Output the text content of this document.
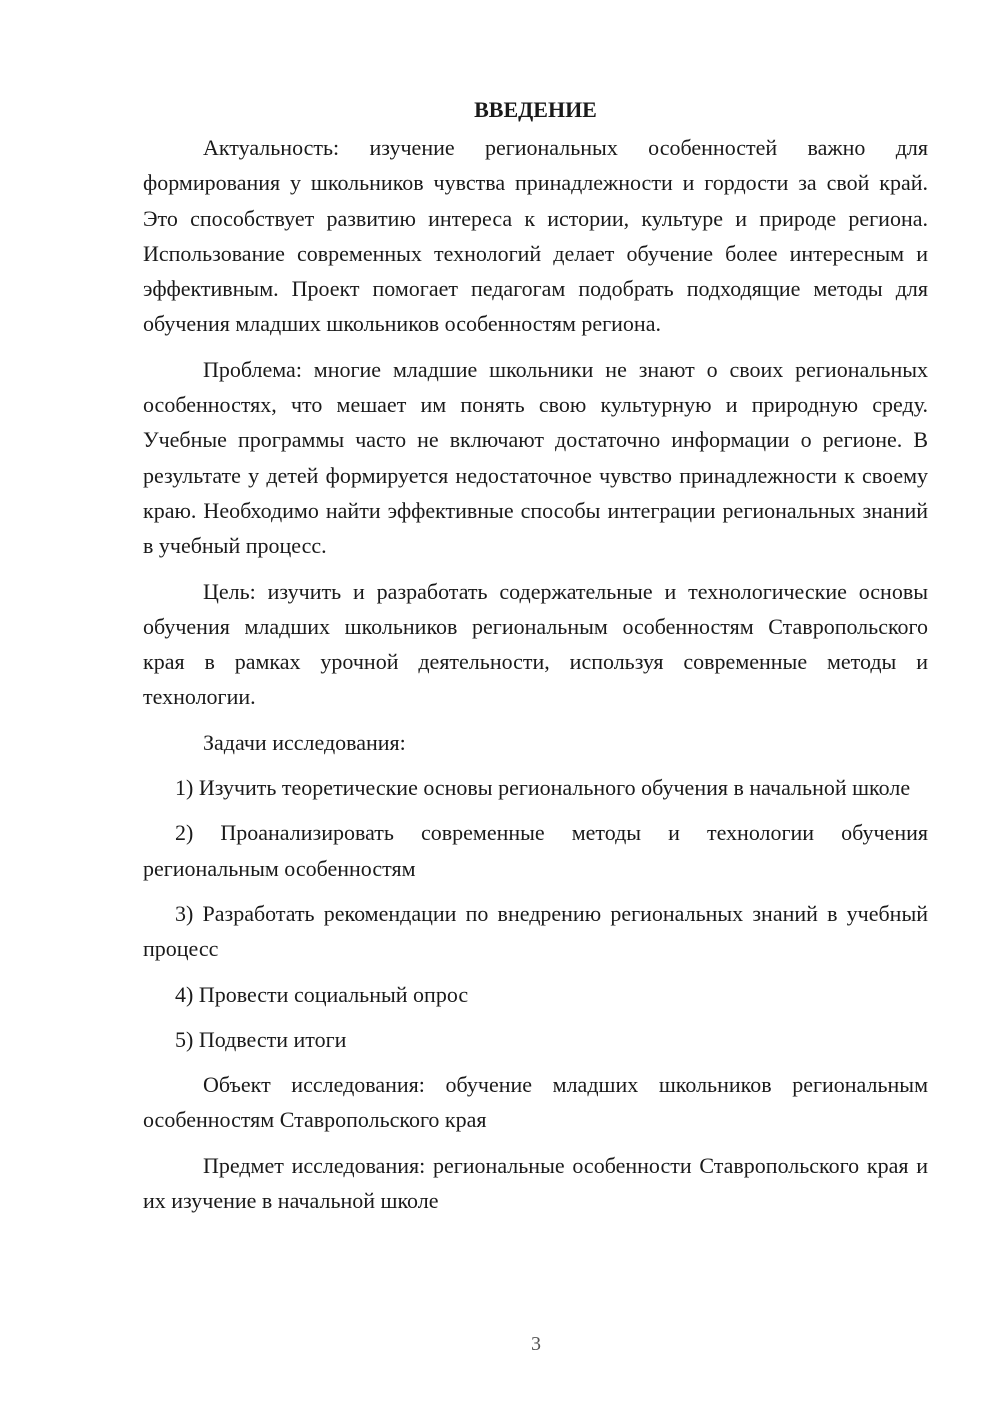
ВВЕДЕНИЕ

Актуальность: изучение региональных особенностей важно для формирования у школьников чувства принадлежности и гордости за свой край. Это способствует развитию интереса к истории, культуре и природе региона. Использование современных технологий делает обучение более интересным и эффективным. Проект помогает педагогам подобрать подходящие методы для обучения младших школьников особенностям региона.

Проблема: многие младшие школьники не знают о своих региональных особенностях, что мешает им понять свою культурную и природную среду. Учебные программы часто не включают достаточно информации о регионе. В результате у детей формируется недостаточное чувство принадлежности к своему краю. Необходимо найти эффективные способы интеграции региональных знаний в учебный процесс.

Цель: изучить и разработать содержательные и технологические основы обучения младших школьников региональным особенностям Ставропольского края в рамках урочной деятельности, используя современные методы и технологии.

Задачи исследования:

1) Изучить теоретические основы регионального обучения в начальной школе

2) Проанализировать современные методы и технологии обучения региональным особенностям

3) Разработать рекомендации по внедрению региональных знаний в учебный процесс

4) Провести социальный опрос

5) Подвести итоги

Объект исследования: обучение младших школьников региональным особенностям Ставропольского края

Предмет исследования: региональные особенности Ставропольского края и их изучение в начальной школе

3
